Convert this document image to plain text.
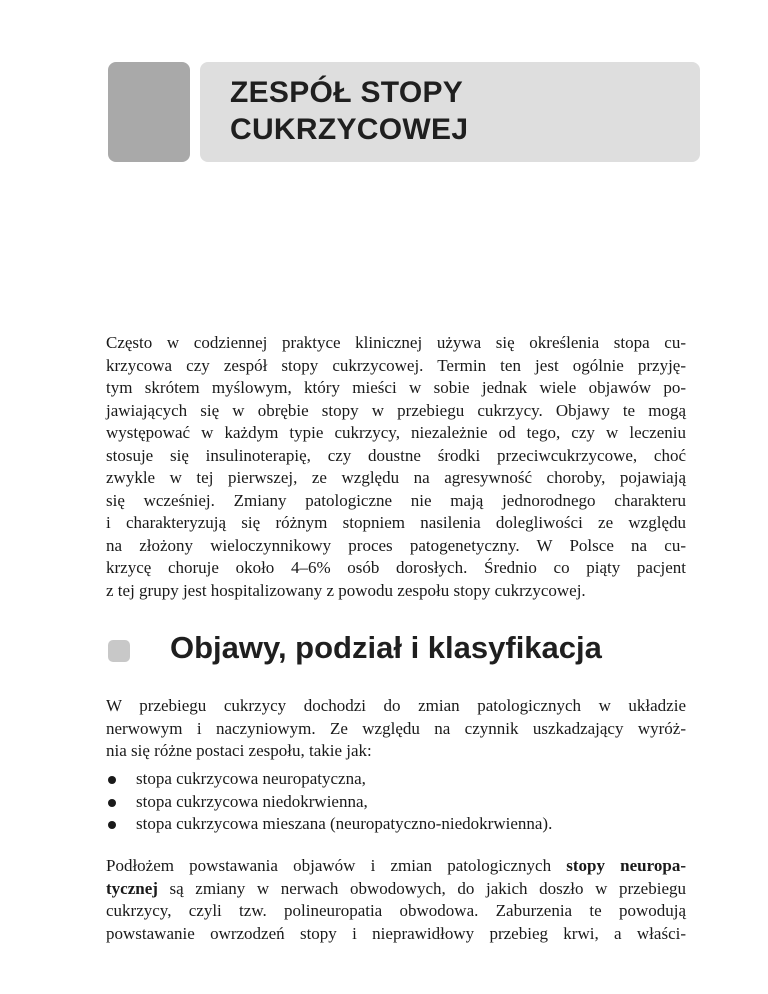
ZESPÓŁ STOPY
CUKRZYCOWEJ
Często w codziennej praktyce klinicznej używa się określenia stopa cu-
krzycowa czy zespół stopy cukrzycowej. Termin ten jest ogólnie przyję-
tym skrótem myślowym, który mieści w sobie jednak wiele objawów po-
jawiających się w obrębie stopy w przebiegu cukrzycy. Objawy te mogą
występować w każdym typie cukrzycy, niezależnie od tego, czy w leczeniu
stosuje się insulinoterapię, czy doustne środki przeciwcukrzycowe, choć
zwykle w tej pierwszej, ze względu na agresywność choroby, pojawiają
się wcześniej. Zmiany patologiczne nie mają jednorodnego charakteru
i charakteryzują się różnym stopniem nasilenia dolegliwości ze względu
na złożony wieloczynnikowy proces patogenetyczny. W Polsce na cu-
krzycę choruje około 4–6% osób dorosłych. Średnio co piąty pacjent
z tej grupy jest hospitalizowany z powodu zespołu stopy cukrzycowej.
Objawy, podział i klasyfikacja
W przebiegu cukrzycy dochodzi do zmian patologicznych w układzie
nerwowym i naczyniowym. Ze względu na czynnik uszkadzający wyróż-
nia się różne postaci zespołu, takie jak:
stopa cukrzycowa neuropatyczna,
stopa cukrzycowa niedokrwienna,
stopa cukrzycowa mieszana (neuropatyczno-niedokrwienna).
Podłożem powstawania objawów i zmian patologicznych stopy neuropa-
tycznej są zmiany w nerwach obwodowych, do jakich doszło w przebiegu
cukrzycy, czyli tzw. polineuropatia obwodowa. Zaburzenia te powodują
powstawanie owrzodzeń stopy i nieprawidłowy przebieg krwi, a właści-
